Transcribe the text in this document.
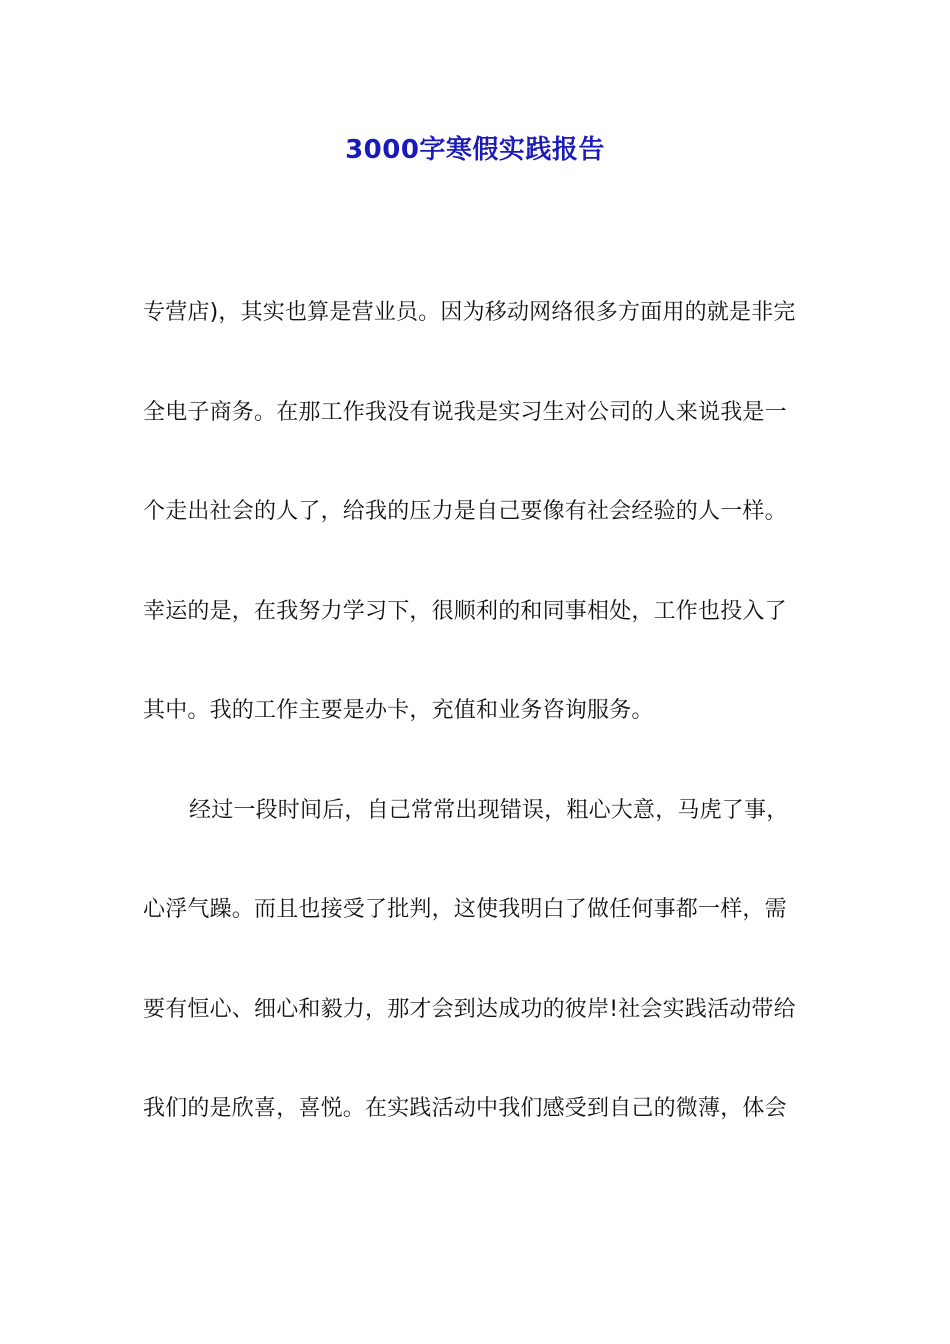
3000字寒假实践报告
专营店)，其实也算是营业员。因为移动网络很多方面用的就是非完
全电子商务。在那工作我没有说我是实习生对公司的人来说我是一
个走出社会的人了，给我的压力是自己要像有社会经验的人一样。
幸运的是，在我努力学习下，很顺利的和同事相处，工作也投入了
其中。我的工作主要是办卡，充值和业务咨询服务。
经过一段时间后，自己常常出现错误，粗心大意，马虎了事，
心浮气躁。而且也接受了批判，这使我明白了做任何事都一样，需
要有恒心、细心和毅力，那才会到达成功的彼岸!社会实践活动带给
我们的是欣喜，喜悦。在实践活动中我们感受到自己的微薄，体会
